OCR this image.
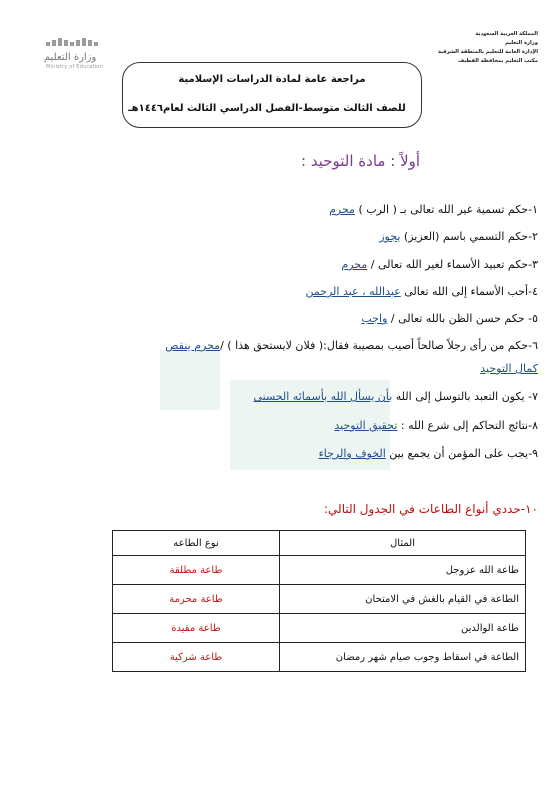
المملكة العربية السعودية
وزارة التعليم
الإدارة العامة للتعليم بالمنطقة الشرقية
مكتب التعليم بمحافظة القطيف
وزارة التعليم
Ministry of Education
مراجعة عامة لمادة الدراسات الإسلامية
للصف الثالث متوسط-الفصل الدراسي الثالث لعام١٤٤٦هـ
أولاً : مادة التوحيد :
١-حكم تسمية غير الله تعالى بـ ( الرب ) محرم
٢-حكم التسمي باسم (العزيز) يجوز
٣-حكم تعبيد الأسماء لغير الله تعالى / محرم
٤-أحب الأسماء إلى الله تعالى عبدالله ، عبد الرحمن
٥- حكم حسن الظن بالله تعالى / واجب
٦-حكم من رأى رجلاً صالحاً أصيب بمصيبة فقال:( فلان لايستحق هذا ) /محرم ينقص
كمال التوحيد
٧- يكون التعبد بالتوسل إلى الله بأن يسأل الله بأسمائه الحسنى
٨-نتائج التحاكم إلى شرع الله : تحقيق التوحيد
٩-يجب على المؤمن أن يجمع بين الخوف والرجاء
١٠-حددي أنواع الطاعات في الجدول التالي:
المثال	نوع الطاعه
طاعة الله عزوجل	طاعة مطلقة
الطاعة في القيام بالغش في الامتحان	طاعة محرمة
طاعة الوالدين	طاعة مقيدة
الطاعة في اسقاط وجوب صيام شهر رمضان	طاعة شركية
